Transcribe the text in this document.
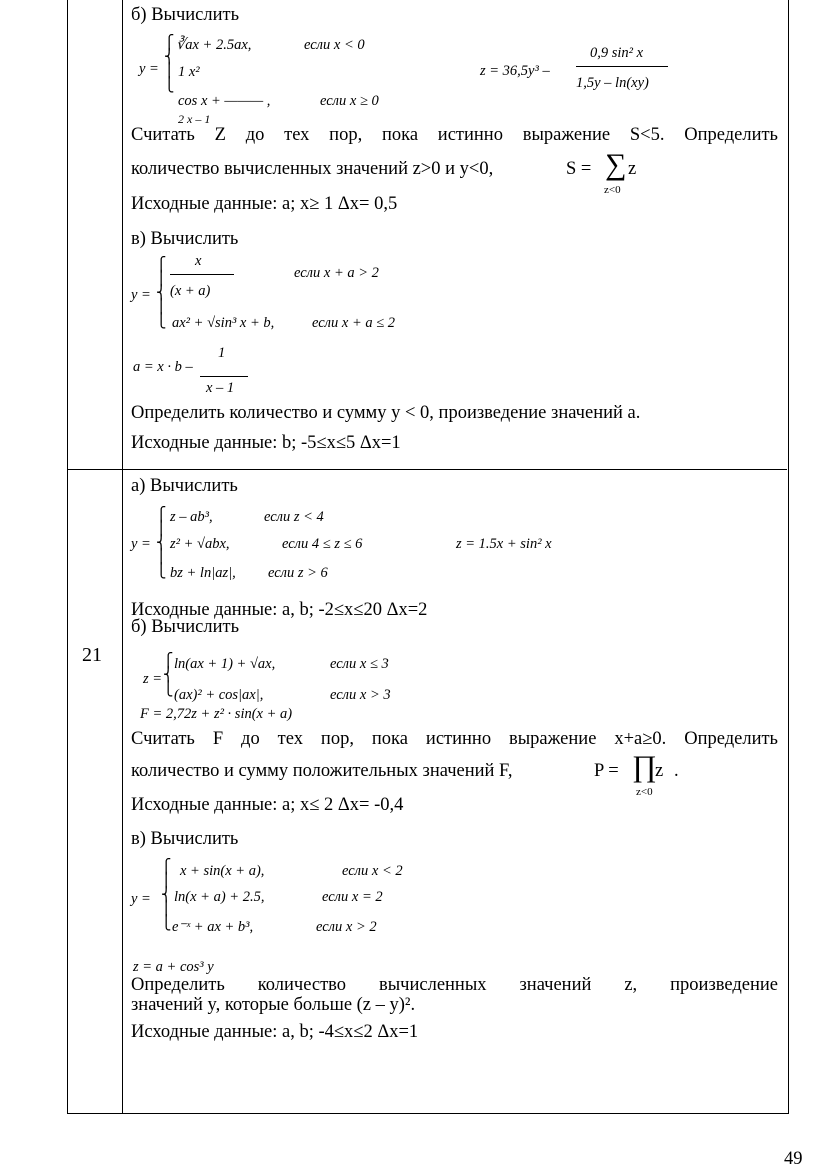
б) Вычислить
y =
⎧
⎨
⎪
⎩
∛ax + 2.5ax,	если x < 0
1 x²
cos x + ——— ,
2 x – 1
если x ≥ 0
z = 36,5y³ –
0,9 sin² x
1,5y – ln(xy)
Считать Z до тех пор, пока истинно выражение S<5. Определить
количество вычисленных значений z>0 и y<0,	S = ∑ z
z<0
Исходные данные: a; x≥ 1 Δx= 0,5
в) Вычислить
x
y =
⎧
⎪
⎨
⎪
⎩
(x + a)
если x + a > 2
ax² + √sin³ x + b,	если x + a ≤ 2
a = x · b –
1
x – 1
Определить количество и сумму y < 0, произведение значений a.
Исходные данные: b; -5≤x≤5 Δx=1
21
а) Вычислить
y =
⎧
⎪
⎨
⎪
⎩
z – ab³,	если z < 4
z² + √abx,	если 4 ≤ z ≤ 6
bz + ln|az|, если z > 6
z = 1.5x + sin² x
Исходные данные: a, b; -2≤x≤20 Δx=2
б) Вычислить
z =
⎧
⎨
⎩
ln(ax + 1) + √ax,	если x ≤ 3
(ax)² + cos|ax|,	если x > 3
F = 2,72z + z² · sin(x + a)
Считать F до тех пор, пока истинно выражение x+a≥0. Определить
количество и сумму положительных значений F,	P = ∏
z .
z<0
Исходные данные: a; x≤ 2 Δx= -0,4
в) Вычислить
y =
⎧
⎪
⎨
⎪
⎩
x + sin(x + a),	если x < 2
ln(x + a) + 2.5,	если x = 2
e⁻ˣ + ax + b³,	если x > 2
z = a + cos³ y
Определить количество вычисленных значений z, произведение
значений y, которые больше (z – y)².
Исходные данные: a, b; -4≤x≤2 Δx=1
49
